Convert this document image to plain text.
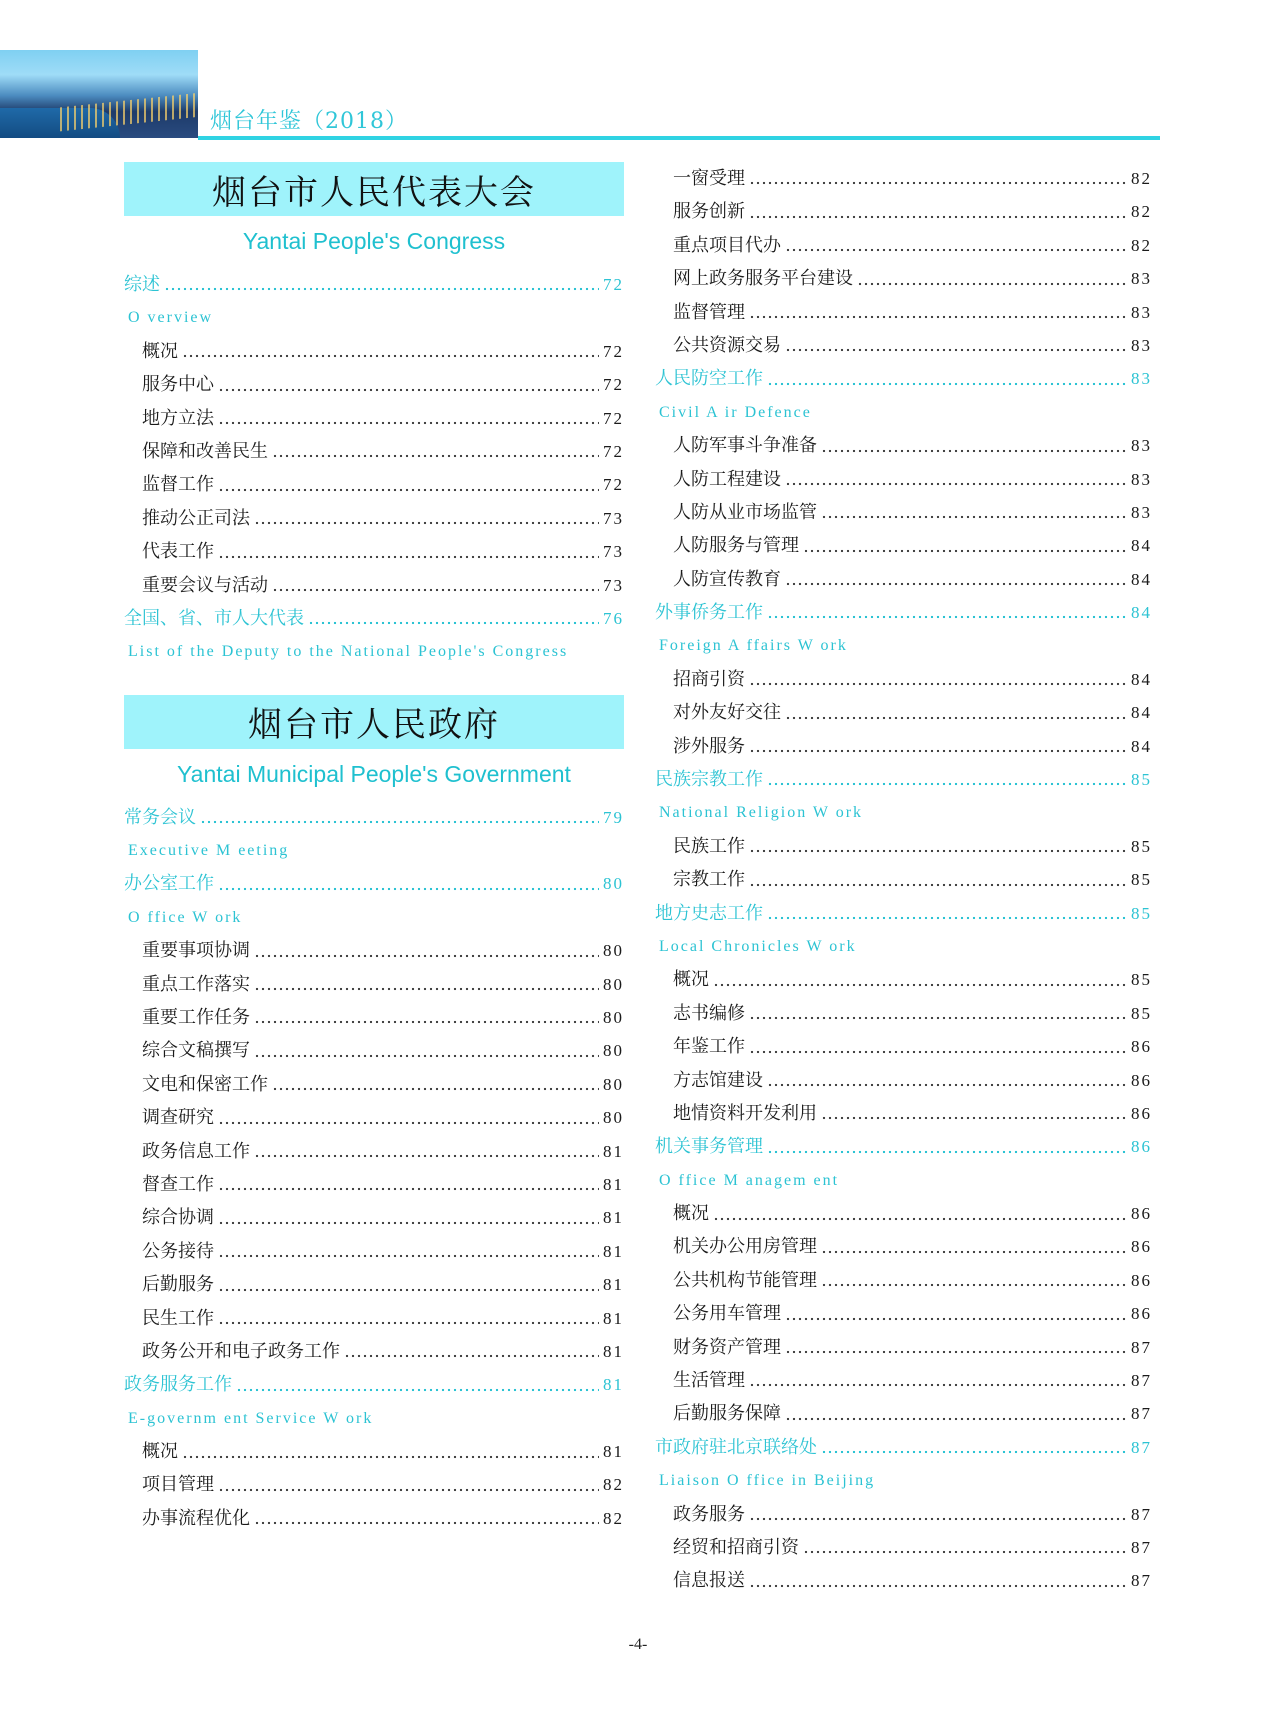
烟台年鉴（2018）
烟台市人民代表大会
Yantai People's Congress
综述	72
O verview
概况	72
服务中心	72
地方立法	72
保障和改善民生	72
监督工作	72
推动公正司法	73
代表工作	73
重要会议与活动	73
全国、省、市人大代表	76
List of the Deputy to the National People's Congress
烟台市人民政府
Yantai Municipal People's Government
常务会议	79
Executive M eeting
办公室工作	80
O ffice W ork
重要事项协调	80
重点工作落实	80
重要工作任务	80
综合文稿撰写	80
文电和保密工作	80
调查研究	80
政务信息工作	81
督查工作	81
综合协调	81
公务接待	81
后勤服务	81
民生工作	81
政务公开和电子政务工作	81
政务服务工作	81
E-governm ent Service W ork
概况	81
项目管理	82
办事流程优化	82
一窗受理	82
服务创新	82
重点项目代办	82
网上政务服务平台建设	83
监督管理	83
公共资源交易	83
人民防空工作	83
Civil A ir Defence
人防军事斗争准备	83
人防工程建设	83
人防从业市场监管	83
人防服务与管理	84
人防宣传教育	84
外事侨务工作	84
Foreign A ffairs W ork
招商引资	84
对外友好交往	84
涉外服务	84
民族宗教工作	85
National Religion W ork
民族工作	85
宗教工作	85
地方史志工作	85
Local Chronicles W ork
概况	85
志书编修	85
年鉴工作	86
方志馆建设	86
地情资料开发利用	86
机关事务管理	86
O ffice M anagem ent
概况	86
机关办公用房管理	86
公共机构节能管理	86
公务用车管理	86
财务资产管理	87
生活管理	87
后勤服务保障	87
市政府驻北京联络处	87
Liaison O ffice in Beijing
政务服务	87
经贸和招商引资	87
信息报送	87
-4-
